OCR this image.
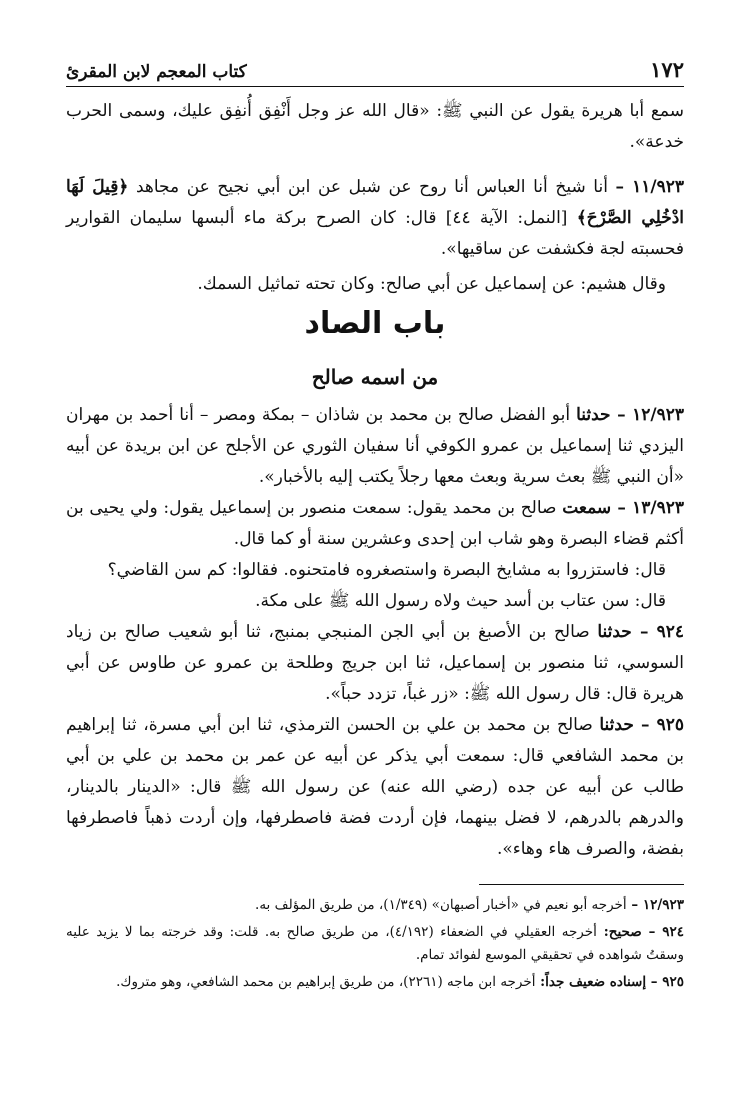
١٧٢
كتاب المعجم لابن المقرئ

سمع أبا هريرة يقول عن النبي ﷺ: «قال الله عز وجل أَنْفِق أُنفِق عليك، وسمى الحرب خدعة».

١١/٩٢٣ – أنا شيخ أنا العباس أنا روح عن شبل عن ابن أبي نجيح عن مجاهد ﴿قِيلَ لَهَا ادْخُلِي الصَّرْحَ﴾ [النمل: الآية ٤٤] قال: كان الصرح بركة ماء ألبسها سليمان القوارير فحسبته لجة فكشفت عن ساقيها».

وقال هشيم: عن إسماعيل عن أبي صالح: وكان تحته تماثيل السمك.

باب الصاد
من اسمه صالح

١٢/٩٢٣ – حدثنا أبو الفضل صالح بن محمد بن شاذان – بمكة ومصر – أنا أحمد بن مهران اليزدي ثنا إسماعيل بن عمرو الكوفي أنا سفيان الثوري عن الأجلح عن ابن بريدة عن أبيه «أن النبي ﷺ بعث سرية وبعث معها رجلاً يكتب إليه بالأخبار».

١٣/٩٢٣ – سمعت صالح بن محمد يقول: سمعت منصور بن إسماعيل يقول: ولي يحيى بن أكثم قضاء البصرة وهو شاب ابن إحدى وعشرين سنة أو كما قال.

قال: فاستزروا به مشايخ البصرة واستصغروه فامتحنوه. فقالوا: كم سن القاضي؟

قال: سن عتاب بن أسد حيث ولاه رسول الله ﷺ على مكة.

٩٢٤ – حدثنا صالح بن الأصبغ بن أبي الجن المنبجي بمنبج، ثنا أبو شعيب صالح بن زياد السوسي، ثنا منصور بن إسماعيل، ثنا ابن جريج وطلحة بن عمرو عن طاوس عن أبي هريرة قال: قال رسول الله ﷺ: «زر غباً، تزدد حباً».

٩٢٥ – حدثنا صالح بن محمد بن علي بن الحسن الترمذي، ثنا ابن أبي مسرة، ثنا إبراهيم بن محمد الشافعي قال: سمعت أبي يذكر عن أبيه عن عمر بن محمد بن علي بن أبي طالب عن أبيه عن جده (رضي الله عنه) عن رسول الله ﷺ قال: «الدينار بالدينار، والدرهم بالدرهم، لا فضل بينهما، فإن أردت فضة فاصطرفها، وإن أردت ذهباً فاصطرفها بفضة، والصرف هاء وهاء».

١٢/٩٢٣ – أخرجه أبو نعيم في «أخبار أصبهان» (١/٣٤٩)، من طريق المؤلف به.

٩٢٤ – صحيح: أخرجه العقيلي في الضعفاء (٤/١٩٢)، من طريق صالح به. قلت: وقد خرجته بما لا يزيد عليه وسقتُ شواهده في تحقيقي الموسع لفوائد تمام.

٩٢٥ – إسناده ضعيف جداً: أخرجه ابن ماجه (٢٢٦١)، من طريق إبراهيم بن محمد الشافعي، وهو متروك.
